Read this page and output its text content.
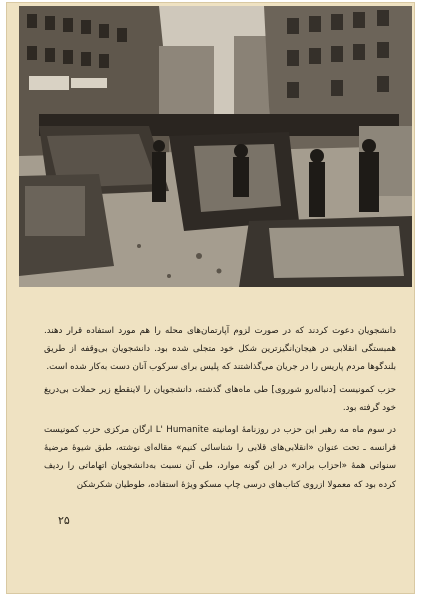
دانشجویان دعوت کردند که در صورت لزوم آپارتمان‌های محله را هم مورد استفاده قرار دهند. همبستگی انقلابی در هیجان‌انگیزترین شکل خود متجلی شده بود. دانشجویان بی‌وقفه از طریق بلندگوها مردم پاریس را در جریان می‌گذاشتند که پلیس برای سرکوب آنان دست به‌کار شده است.

حزب کمونیست [دنباله‌رو شوروی] طی ماه‌های گذشته، دانشجویان را لاینقطع زیر حملات بی‌دریغ خود گرفته بود.

در سوم ماه مه رهبر این حزب در روزنامهٔ اومانیته L' Humanite ارگان مرکزی حزب کمونیست فرانسه ـ تحت عنوان «انقلابی‌های قلابی را شناسائی کنیم» مقاله‌ای نوشته، طبق شیوهٔ مرضیهٔ سنواتی همهٔ «احزاب برادر» در این گونه موارد، طی آن نسبت به‌دانشجویان اتهاماتی را ردیف کرده بود که معمولا ازروی کتاب‌های درسی چاپ مسکو ویژهٔ استفاده، طوطیان شکرشکن

۲۵
